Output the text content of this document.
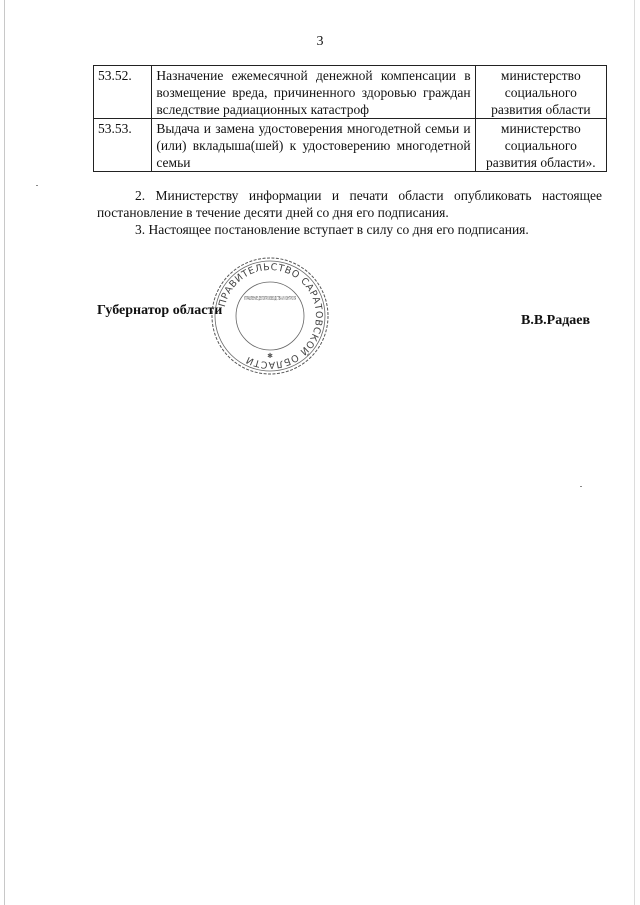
3
53.52.	Назначение ежемесячной денежной компенсации в возмещение вреда, причиненного здоровью граждан вследствие радиационных катастроф	министерство социального развития области
53.53.	Выдача и замена удостоверения многодетной семьи и (или) вкладыша(шей) к удостоверению многодетной семьи	министерство социального развития области».
2. Министерству информации и печати области опубликовать настоящее постановление в течение десяти дней со дня его подписания.
3. Настоящее постановление вступает в силу со дня его подписания.
Губернатор области
В.В.Радаев
ПРАВИТЕЛЬСТВО САРАТОВСКОЙ ОБЛАСТИ
УПРАВЛЕНИЕ ДЕЛОПРОИЗВОДСТВА И КОНТРОЛЯ
✱
